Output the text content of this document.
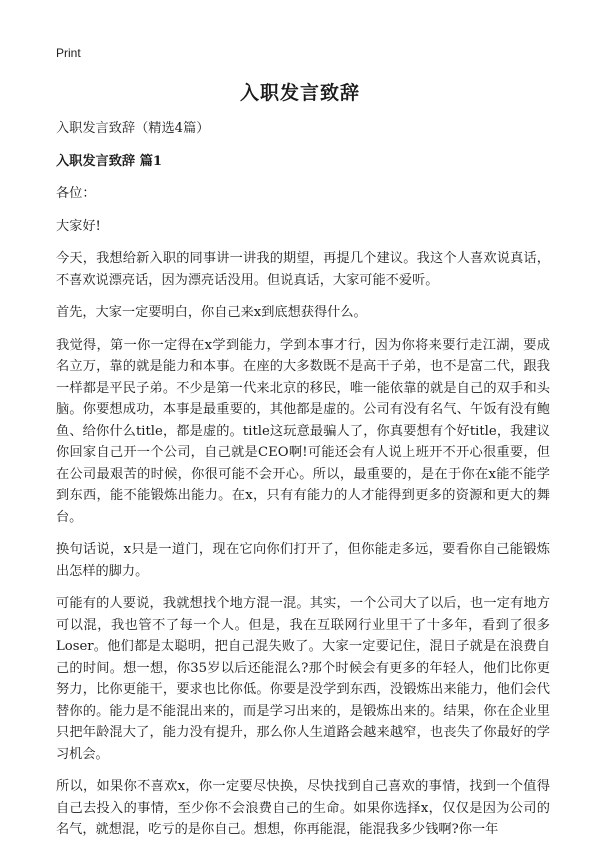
Print
入职发言致辞

入职发言致辞（精选4篇）

入职发言致辞 篇1

各位：

大家好!

今天，我想给新入职的同事讲一讲我的期望，再提几个建议。我这个人喜欢说真话，不喜欢说漂亮话，因为漂亮话没用。但说真话，大家可能不爱听。

首先，大家一定要明白，你自己来x到底想获得什么。

我觉得，第一你一定得在x学到能力，学到本事才行，因为你将来要行走江湖，要成名立万，靠的就是能力和本事。在座的大多数既不是高干子弟，也不是富二代，跟我一样都是平民子弟。不少是第一代来北京的移民，唯一能依靠的就是自己的双手和头脑。你要想成功，本事是最重要的，其他都是虚的。公司有没有名气、午饭有没有鲍鱼、给你什么title，都是虚的。title这玩意最骗人了，你真要想有个好title，我建议你回家自己开一个公司，自己就是CEO啊!可能还会有人说上班开不开心很重要，但在公司最艰苦的时候，你很可能不会开心。所以，最重要的，是在于你在x能不能学到东西，能不能锻炼出能力。在x，只有有能力的人才能得到更多的资源和更大的舞台。

换句话说，x只是一道门，现在它向你们打开了，但你能走多远，要看你自己能锻炼出怎样的脚力。

可能有的人要说，我就想找个地方混一混。其实，一个公司大了以后，也一定有地方可以混，我也管不了每一个人。但是，我在互联网行业里干了十多年，看到了很多Loser。他们都是太聪明，把自己混失败了。大家一定要记住，混日子就是在浪费自己的时间。想一想，你35岁以后还能混么?那个时候会有更多的年轻人，他们比你更努力，比你更能干，要求也比你低。你要是没学到东西，没锻炼出来能力，他们会代替你的。能力是不能混出来的，而是学习出来的，是锻炼出来的。结果，你在企业里只把年龄混大了，能力没有提升，那么你人生道路会越来越窄，也丧失了你最好的学习机会。

所以，如果你不喜欢x，你一定要尽快换，尽快找到自己喜欢的事情，找到一个值得自己去投入的事情，至少你不会浪费自己的生命。如果你选择x，仅仅是因为公司的名气，就想混，吃亏的是你自己。想想，你再能混，能混我多少钱啊?你一年
